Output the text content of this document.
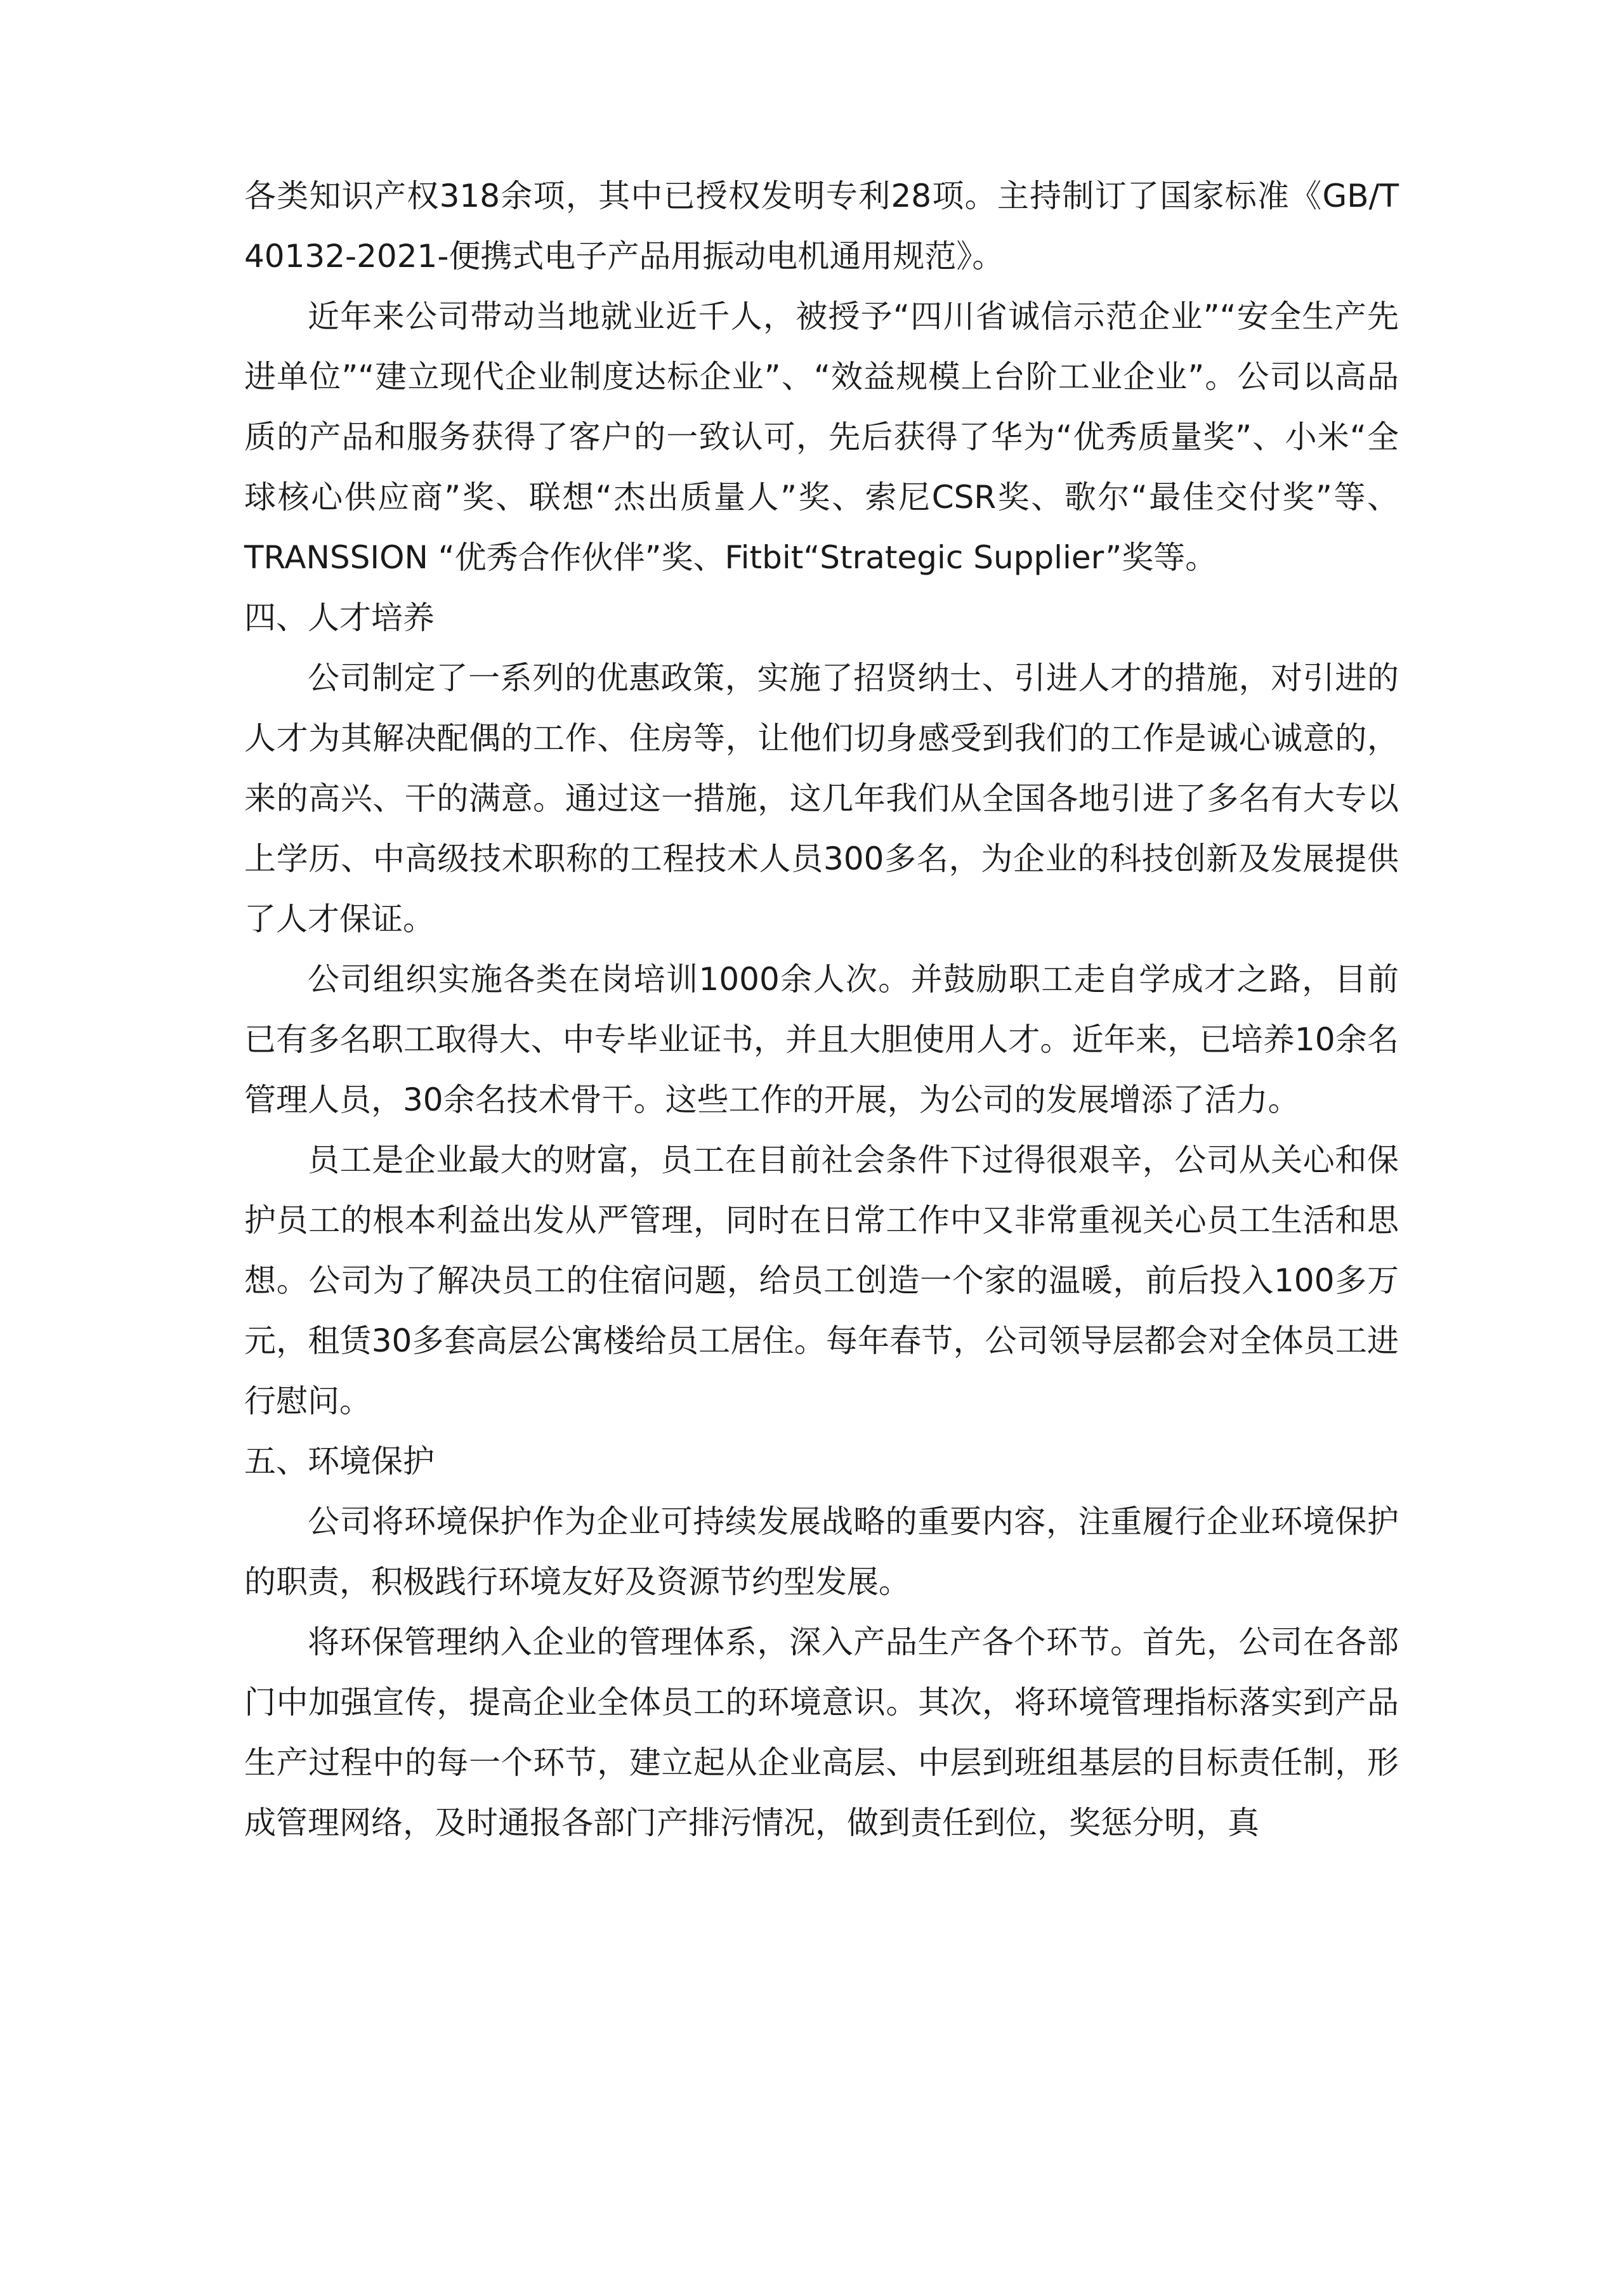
各类知识产权318余项，其中已授权发明专利28项。主持制订了国家标准《GB/T 40132-2021-便携式电子产品用振动电机通用规范》。

近年来公司带动当地就业近千人，被授予“四川省诚信示范企业”“安全生产先进单位”“建立现代企业制度达标企业”、“效益规模上台阶工业企业”。公司以高品质的产品和服务获得了客户的一致认可，先后获得了华为“优秀质量奖”、小米“全球核心供应商”奖、联想“杰出质量人”奖、索尼CSR奖、歌尔“最佳交付奖”等、TRANSSION “优秀合作伙伴”奖、Fitbit“Strategic Supplier”奖等。

四、人才培养

公司制定了一系列的优惠政策，实施了招贤纳士、引进人才的措施，对引进的人才为其解决配偶的工作、住房等，让他们切身感受到我们的工作是诚心诚意的，来的高兴、干的满意。通过这一措施，这几年我们从全国各地引进了多名有大专以上学历、中高级技术职称的工程技术人员300多名，为企业的科技创新及发展提供了人才保证。

公司组织实施各类在岗培训1000余人次。并鼓励职工走自学成才之路，目前已有多名职工取得大、中专毕业证书，并且大胆使用人才。近年来，已培养10余名管理人员，30余名技术骨干。这些工作的开展，为公司的发展增添了活力。

员工是企业最大的财富，员工在目前社会条件下过得很艰辛，公司从关心和保护员工的根本利益出发从严管理，同时在日常工作中又非常重视关心员工生活和思想。公司为了解决员工的住宿问题，给员工创造一个家的温暖，前后投入100多万元，租赁30多套高层公寓楼给员工居住。每年春节，公司领导层都会对全体员工进行慰问。

五、环境保护

公司将环境保护作为企业可持续发展战略的重要内容，注重履行企业环境保护的职责，积极践行环境友好及资源节约型发展。

将环保管理纳入企业的管理体系，深入产品生产各个环节。首先，公司在各部门中加强宣传，提高企业全体员工的环境意识。其次，将环境管理指标落实到产品生产过程中的每一个环节，建立起从企业高层、中层到班组基层的目标责任制，形成管理网络，及时通报各部门产排污情况，做到责任到位，奖惩分明，真
